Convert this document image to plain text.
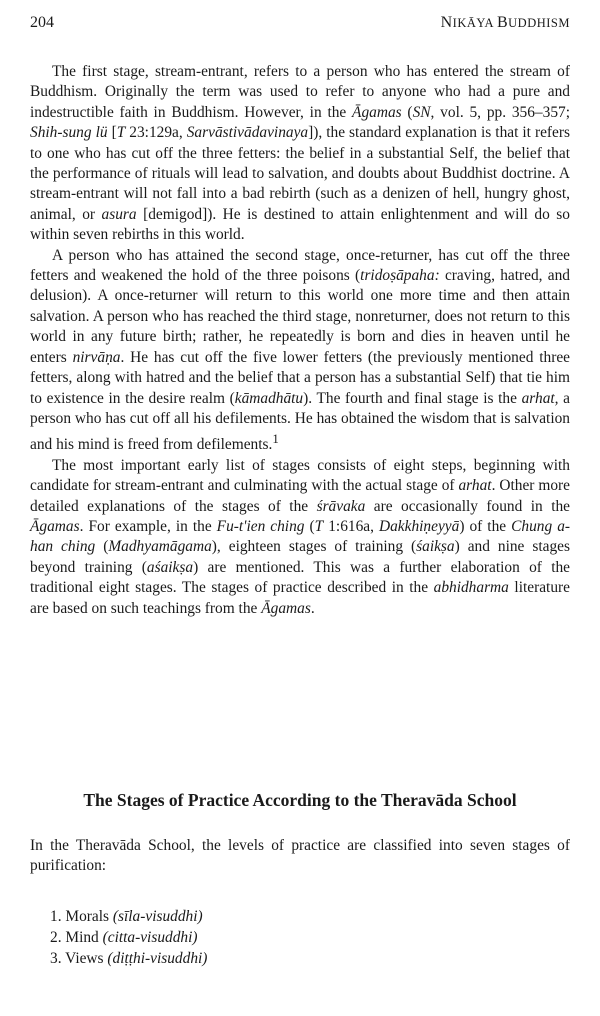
204	NIKĀYA BUDDHISM

The first stage, stream-entrant, refers to a person who has entered the stream of Buddhism. Originally the term was used to refer to anyone who had a pure and indestructible faith in Buddhism. However, in the Āgamas (SN, vol. 5, pp. 356–357; Shih-sung lü [T 23:129a, Sarvāstivādavinaya]), the standard explanation is that it refers to one who has cut off the three fetters: the belief in a substantial Self, the belief that the performance of rituals will lead to salvation, and doubts about Buddhist doctrine. A stream-entrant will not fall into a bad rebirth (such as a denizen of hell, hungry ghost, animal, or asura [demigod]). He is destined to attain enlightenment and will do so within seven rebirths in this world.

A person who has attained the second stage, once-returner, has cut off the three fetters and weakened the hold of the three poisons (tridoṣāpaha: craving, hatred, and delusion). A once-returner will return to this world one more time and then attain salvation. A person who has reached the third stage, nonreturner, does not return to this world in any future birth; rather, he repeatedly is born and dies in heaven until he enters nirvāṇa. He has cut off the five lower fetters (the previously mentioned three fetters, along with hatred and the belief that a person has a substantial Self) that tie him to existence in the desire realm (kāmadhātu). The fourth and final stage is the arhat, a person who has cut off all his defilements. He has obtained the wisdom that is salvation and his mind is freed from defilements.$^1$

The most important early list of stages consists of eight steps, beginning with candidate for stream-entrant and culminating with the actual stage of arhat. Other more detailed explanations of the stages of the śrāvaka are occasionally found in the Āgamas. For example, in the Fu-t'ien ching (T 1:616a, Dakkhiṇeyyā) of the Chung a-han ching (Madhyamāgama), eighteen stages of training (śaikṣa) and nine stages beyond training (aśaikṣa) are mentioned. This was a further elaboration of the traditional eight stages. The stages of practice described in the abhidharma literature are based on such teachings from the Āgamas.

The Stages of Practice According to the Theravāda School

In the Theravāda School, the levels of practice are classified into seven stages of purification:

1. Morals (sīla-visuddhi)
2. Mind (citta-visuddhi)
3. Views (diṭṭhi-visuddhi)
